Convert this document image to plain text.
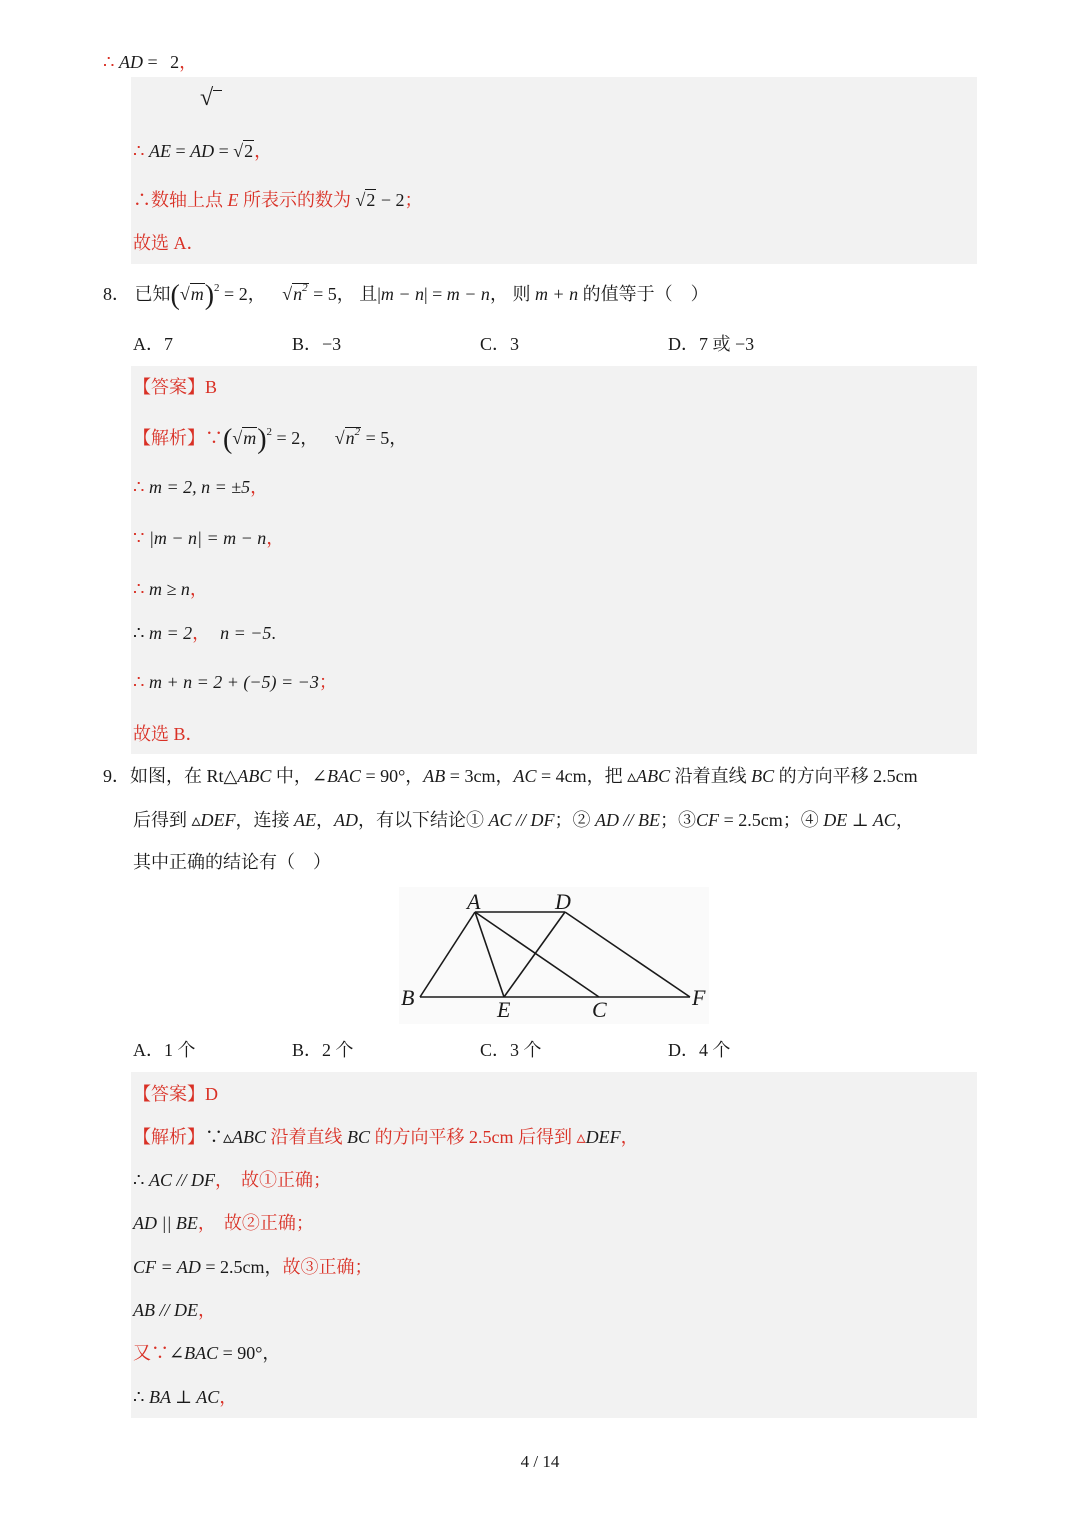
∴ AD = 2，
√
∴ AE = AD = √2，
∴数轴上点 E 所表示的数为 √2 − 2；
故选 A．
8． 已知$(√m)^2 = 2$， $√n^2 = 5$， 且|m − n| = m − n， 则 m + n 的值等于（　）
A．7	B．−3	C．3	D．7 或 −3
【答案】B
【解析】$\because(√m)^2 = 2$， $√n^2 = 5$，
∴ m = 2, n = ±5，
∵ |m − n| = m − n，
∴ m ≥ n，
∴ m = 2， n = −5.
∴ m + n = 2 + (−5) = −3；
故选 B．
9．如图，在 Rt△ABC 中，∠BAC = 90°，AB = 3cm，AC = 4cm，把 ▵ABC 沿着直线 BC 的方向平移 2.5cm
后得到 ▵DEF，连接 AE，AD，有以下结论① AC // DF；② AD // BE；③CF = 2.5cm；④ DE ⊥ AC，
其中正确的结论有（　）
A	D
B	E	C	F
A．1 个	B．2 个	C．3 个	D．4 个
【答案】D
【解析】∵▵ABC 沿着直线 BC 的方向平移 2.5cm 后得到 ▵DEF，
∴ AC // DF， 故①正确；
AD || BE， 故②正确；
CF = AD = 2.5cm，故③正确；
AB // DE，
又∵∠BAC = 90°，
∴ BA ⊥ AC，
4 / 14
